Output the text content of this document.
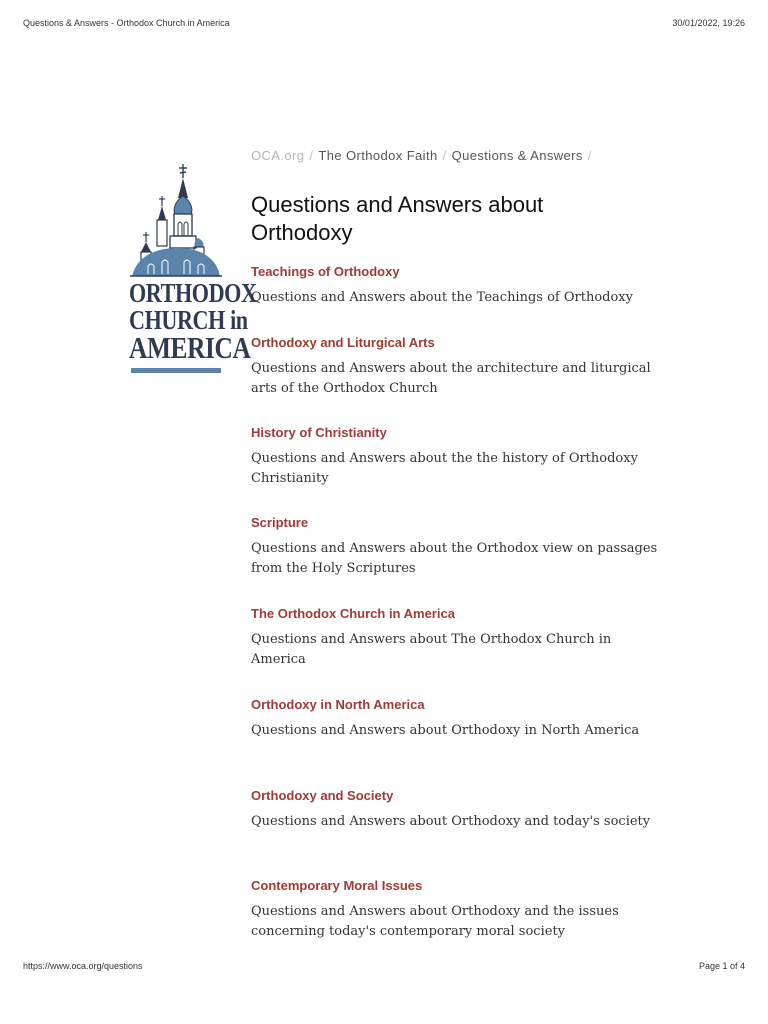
Questions & Answers - Orthodox Church in America	30/01/2022, 19:26
ORTHODOX
CHURCH in
AMERICA
OCA.org / The Orthodox Faith / Questions & Answers /
Questions and Answers about Orthodoxy
Teachings of Orthodoxy

Questions and Answers about the Teachings of Orthodoxy

Orthodoxy and Liturgical Arts

Questions and Answers about the architecture and liturgical arts of the Orthodox Church

History of Christianity

Questions and Answers about the the history of Orthodoxy Christianity

Scripture

Questions and Answers about the Orthodox view on passages from the Holy Scriptures

The Orthodox Church in America

Questions and Answers about The Orthodox Church in America

Orthodoxy in North America

Questions and Answers about Orthodoxy in North America

Orthodoxy and Society

Questions and Answers about Orthodoxy and today's society

Contemporary Moral Issues

Questions and Answers about Orthodoxy and the issues concerning today's contemporary moral society

https://www.oca.org/questions	Page 1 of 4
